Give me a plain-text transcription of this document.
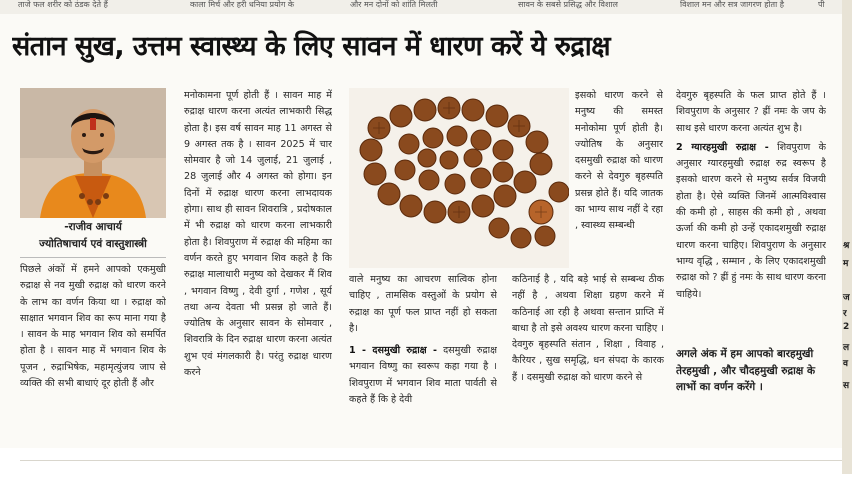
ताजे फल शरीर को ठंडक देते हैं	काला मिर्च और हरी धनिया प्रयोग के	और मन दोनों को शांति मिलती	सावन के सबसे प्रसिद्ध और विशाल	विशाल मन और सत्र जागरण होता है	पी
संतान सुख, उत्तम स्वास्थ्य के लिए सावन में धारण करें ये रुद्राक्ष
-राजीव आचार्य
ज्योतिषाचार्य एवं वास्तुशास्त्री

पिछले अंकों में हमने आपको एकमुखी रुद्राक्ष से नव मुखी रुद्राक्ष को धारण करने के लाभ का वर्णन किया था । रुद्राक्ष को साक्षात भगवान शिव का रूप माना गया है । सावन के माह भगवान शिव को समर्पित होता है । सावन माह में भगवान शिव के पूजन , रुद्राभिषेक, महामृत्युंजय जाप से व्यक्ति की सभी बाधाएं दूर होती हैं और

मनोकामना पूर्ण होती हैं । सावन माह में रुद्राक्ष धारण करना अत्यंत लाभकारी सिद्ध होता है। इस वर्ष सावन माह 11 अगस्त से 9 अगस्त तक है । सावन 2025 में चार सोमवार है जो 14 जुलाई, 21 जुलाई , 28 जुलाई और 4 अगस्त को होगा। इन दिनों में रुद्राक्ष धारण करना लाभदायक होगा। साथ ही सावन शिवरात्रि , प्रदोषकाल में भी रुद्राक्ष को धारण करना लाभकारी होता है। शिवपुराण में रुद्राक्ष की महिमा का वर्णन करते हुए भगवान शिव कहते है कि रुद्राक्ष मालाधारी मनुष्य को देखकर मैं शिव , भगवान विष्णु , देवी दुर्गा , गणेश , सूर्य तथा अन्य देवता भी प्रसन्न हो जाते हैं। ज्योतिष के अनुसार सावन के सोमवार , शिवरात्रि के दिन रुद्राक्ष धारण करना अत्यंत शुभ एवं मंगलकारी है। परंतु रुद्राक्ष धारण करने

वाले मनुष्य का आचरण सात्विक होना चाहिए , तामसिक वस्तुओं के प्रयोग से रुद्राक्ष का पूर्ण फल प्राप्त नहीं हो सकता है।

1 - दसमुखी रुद्राक्ष - दसमुखी रुद्राक्ष भगवान विष्णु का स्वरूप कहा गया है । शिवपुराण में भगवान शिव माता पार्वती से कहते हैं कि हे देवी

इसको धारण करने से मनुष्य की समस्त मनोकोमा पूर्ण होती है। ज्योतिष के अनुसार दसमुखी रुद्राक्ष को धारण करने से देवगुरु बृहस्पति प्रसन्न होते हैं। यदि जातक का भाग्य साथ नहीं दे रहा , स्वास्थ्य सम्बन्धी

कठिनाई है , यदि बड़े भाई से सम्बन्ध ठीक नहीं है , अथवा शिक्षा ग्रहण करने में कठिनाई आ रही है अथवा सन्तान प्राप्ति में बाधा है तो इसे अवश्य धारण करना चाहिए । देवगुरु बृहस्पति संतान , शिक्षा , विवाह , कैरियर , सुख समृद्धि, धन संपदा के कारक हैं । दसमुखी रुद्राक्ष को धारण करने से

देवगुरु बृहस्पति के फल प्राप्त होते हैं । शिवपुराण के अनुसार ? ह्रीं नमः के जप के साथ इसे धारण करना अत्यंत शुभ है।

2 ग्यारहमुखी रुद्राक्ष - शिवपुराण के अनुसार ग्यारहमुखी रुद्राक्ष रुद्र स्वरूप है इसको धारण करने से मनुष्य सर्वत्र विजयी होता है। ऐसे व्यक्ति जिनमें आत्मविश्वास की कमी हो , साहस की कमी हो , अथवा ऊर्जा की कमी हो उन्हें एकादशमुखी रुद्राक्ष धारण करना चाहिए। शिवपुराण के अनुसार भाग्य वृद्धि , सम्मान , के लिए एकादशमुखी रुद्राक्ष को ? ह्रीं हुं नमः के साथ धारण करना चाहिये।

अगले अंक में हम आपको बारहमुखी तेरहमुखी , और चौदहमुखी रुद्राक्ष के लाभों का वर्णन करेंगे ।
श्र
म
ज
र
2
ल
व
स
